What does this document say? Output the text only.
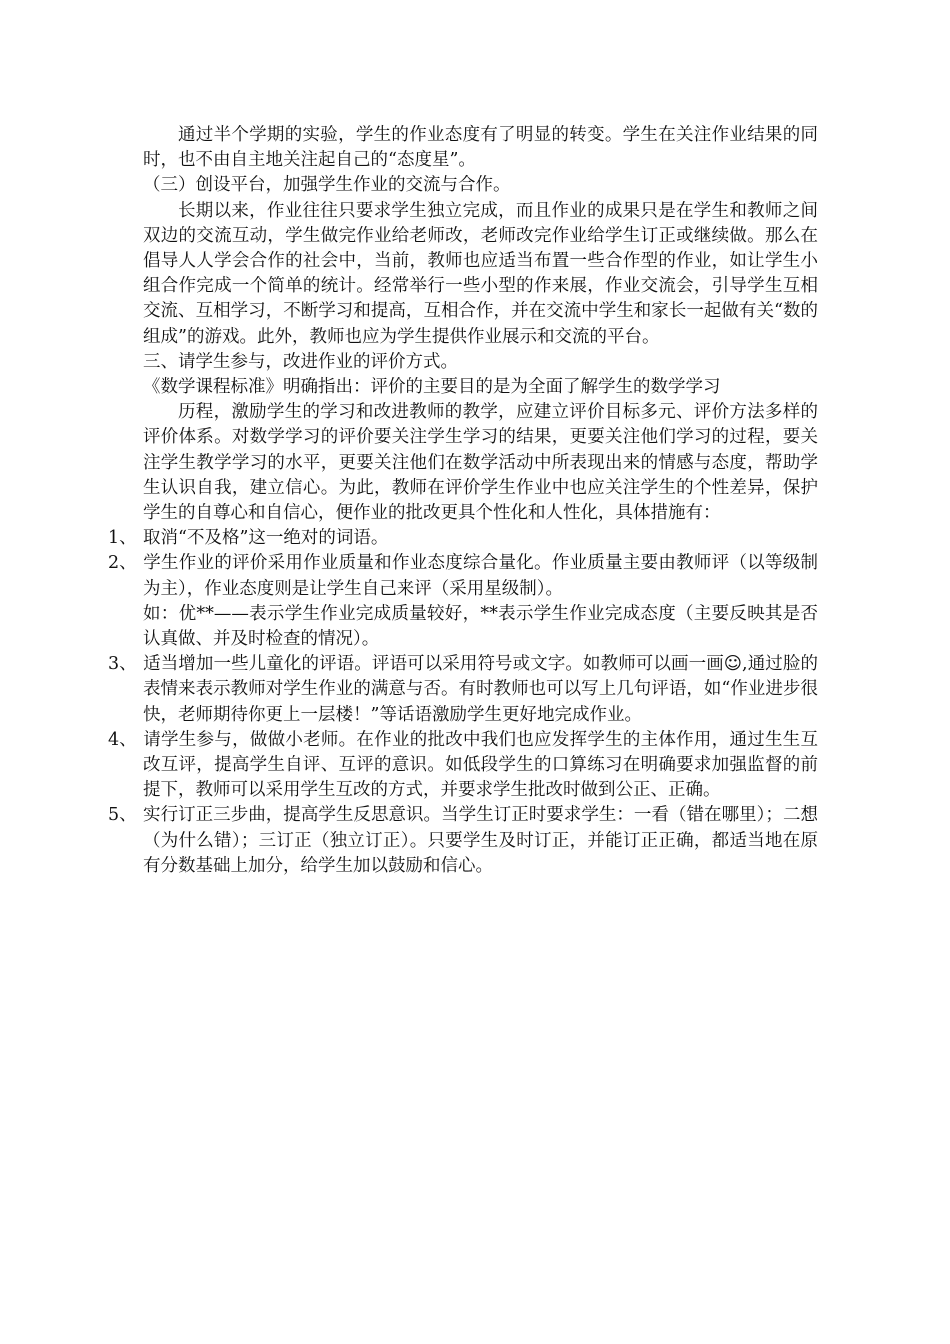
通过半个学期的实验，学生的作业态度有了明显的转变。学生在关注作业结果的同时，也不由自主地关注起自己的“态度星”。

（三）创设平台，加强学生作业的交流与合作。

长期以来，作业往往只要求学生独立完成，而且作业的成果只是在学生和教师之间双边的交流互动，学生做完作业给老师改，老师改完作业给学生订正或继续做。那么在倡导人人学会合作的社会中，当前，教师也应适当布置一些合作型的作业，如让学生小组合作完成一个简单的统计。经常举行一些小型的作来展，作业交流会，引导学生互相交流、互相学习，不断学习和提高，互相合作，并在交流中学生和家长一起做有关“数的组成”的游戏。此外，教师也应为学生提供作业展示和交流的平台。

三、请学生参与，改进作业的评价方式。

《数学课程标准》明确指出：评价的主要目的是为全面了解学生的数学学习

历程，激励学生的学习和改进教师的教学，应建立评价目标多元、评价方法多样的评价体系。对数学学习的评价要关注学生学习的结果，更要关注他们学习的过程，要关注学生教学学习的水平，更要关注他们在数学活动中所表现出来的情感与态度，帮助学生认识自我，建立信心。为此，教师在评价学生作业中也应关注学生的个性差异，保护学生的自尊心和自信心，便作业的批改更具个性化和人性化，具体措施有：

1、 取消“不及格”这一绝对的词语。

2、 学生作业的评价采用作业质量和作业态度综合量化。作业质量主要由教师评（以等级制为主），作业态度则是让学生自己来评（采用星级制）。

如：优**——表示学生作业完成质量较好，**表示学生作业完成态度（主要反映其是否认真做、并及时检查的情况）。

3、 适当增加一些儿童化的评语。评语可以采用符号或文字。如教师可以画一画☺,通过脸的表情来表示教师对学生作业的满意与否。有时教师也可以写上几句评语，如“作业进步很快，老师期待你更上一层楼！”等话语激励学生更好地完成作业。

4、 请学生参与，做做小老师。在作业的批改中我们也应发挥学生的主体作用，通过生生互改互评，提高学生自评、互评的意识。如低段学生的口算练习在明确要求加强监督的前提下，教师可以采用学生互改的方式，并要求学生批改时做到公正、正确。

5、 实行订正三步曲，提高学生反思意识。当学生订正时要求学生：一看（错在哪里）；二想（为什么错）；三订正（独立订正）。只要学生及时订正，并能订正正确，都适当地在原有分数基础上加分，给学生加以鼓励和信心。
